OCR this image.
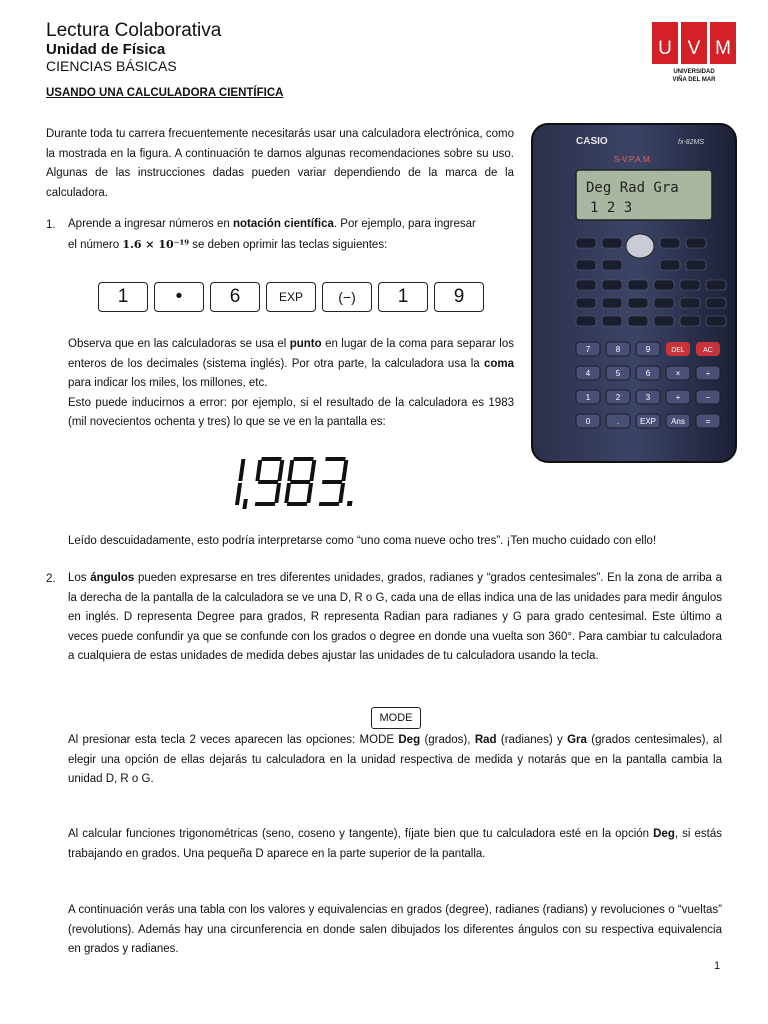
Lectura Colaborativa
Unidad de Física
CIENCIAS BÁSICAS
U V M
UNIVERSIDAD
VIÑA DEL MAR
USANDO UNA CALCULADORA CIENTÍFICA
Durante toda tu carrera frecuentemente necesitarás usar una calculadora electrónica, como la mostrada en la figura. A continuación te damos algunas recomendaciones sobre su uso. Algunas de las instrucciones dadas pueden variar dependiendo de la marca de la calculadora.
1. Aprende a ingresar números en notación científica. Por ejemplo, para ingresar
el número 1.6 × 10⁻¹⁹ se deben oprimir las teclas siguientes:
1	•	6	EXP	(−)	1	9
Observa que en las calculadoras se usa el punto en lugar de la coma para separar los enteros de los decimales (sistema inglés). Por otra parte, la calculadora usa la coma para indicar los miles, los millones, etc.
Esto puede inducirnos a error: por ejemplo, si el resultado de la calculadora es 1983 (mil novecientos ochenta y tres) lo que se ve en la pantalla es:
Leído descuidadamente, esto podría interpretarse como “uno coma nueve ocho tres”. ¡Ten mucho cuidado con ello!
2. Los ángulos pueden expresarse en tres diferentes unidades, grados, radianes y “grados centesimales”. En la zona de arriba a la derecha de la pantalla de la calculadora se ve una D, R o G, cada una de ellas indica una de las unidades para medir ángulos en inglés. D representa Degree para grados, R representa Radian para radianes y G para grado centesimal. Este último a veces puede confundir ya que se confunde con los grados o degree en donde una vuelta son 360°. Para cambiar tu calculadora a cualquiera de estas unidades de medida debes ajustar las unidades de tu calculadora usando la tecla.
MODE
Al presionar esta tecla 2 veces aparecen las opciones: MODE Deg (grados), Rad (radianes) y Gra (grados centesimales), al elegir una opción de ellas dejarás tu calculadora en la unidad respectiva de medida y notarás que en la pantalla cambia la unidad D, R o G.
Al calcular funciones trigonométricas (seno, coseno y tangente), fíjate bien que tu calculadora esté en la opción Deg, si estás trabajando en grados. Una pequeña D aparece en la parte superior de la pantalla.
A continuación verás una tabla con los valores y equivalencias en grados (degree), radianes (radians) y revoluciones o “vueltas” (revolutions). Además hay una circunferencia en donde salen dibujados los diferentes ángulos con su respectiva equivalencia en grados y radianes.
1
CASIO	fx-82MS
S-V.P.A.M.
Deg Rad Gra
1 2 3
DEL	AC
7	8	9
4	5	6
1	2	3
0	.	EXP Ans	=
+	−
×	÷
